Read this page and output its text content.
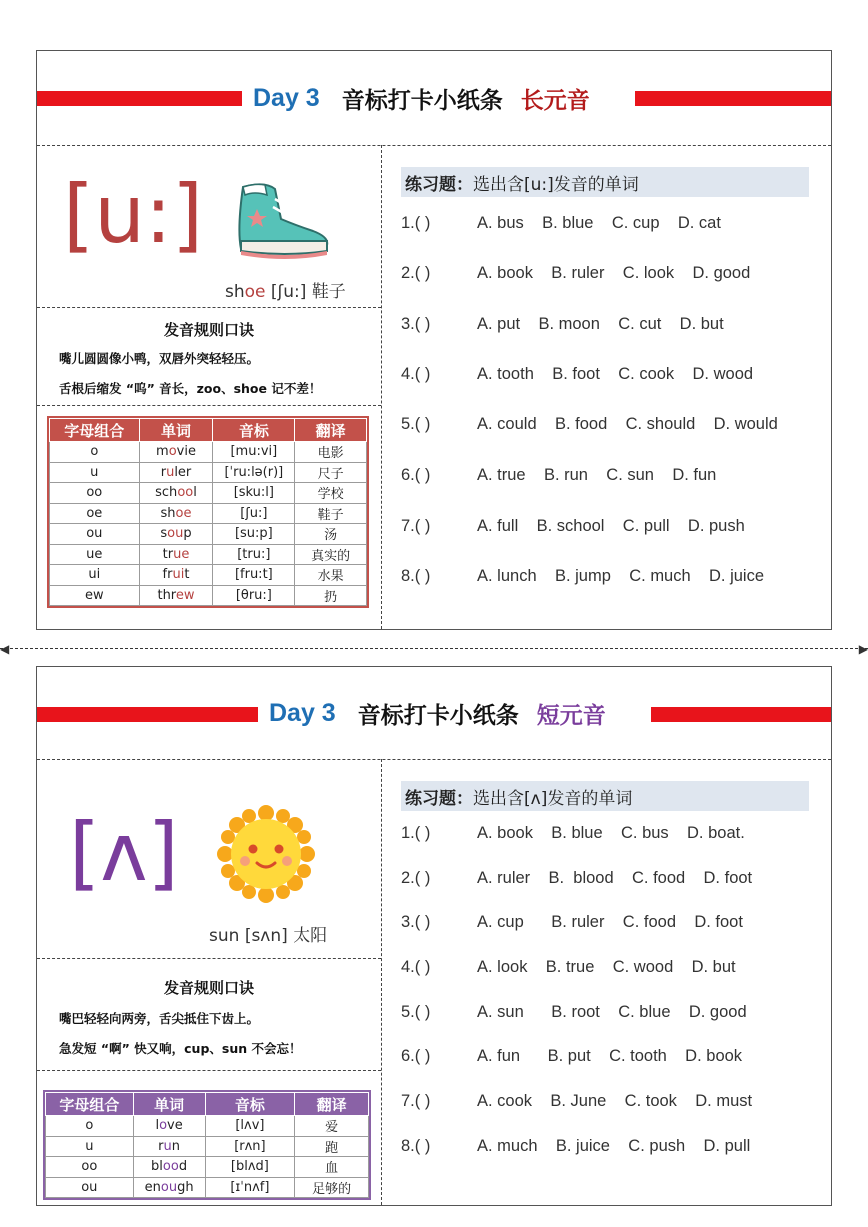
Day 3 音标打卡小纸条 长元音
[u:]
shoe [ʃu:] 鞋子
发音规则口诀
嘴儿圆圆像小鸭，双唇外突轻轻压。
舌根后缩发 “呜” 音长，zoo、shoe 记不差！
字母组合	单词	音标	翻译
o	movie	[mu:vi]	电影
u	ruler	[ˈru:lə(r)]	尺子
oo	school	[sku:l]	学校
oe	shoe	[ʃu:]	鞋子
ou	soup	[su:p]	汤
ue	true	[tru:]	真实的
ui	fruit	[fru:t]	水果
ew	threw	[θru:]	扔
练习题： 选出含[u:]发音的单词
1.( )	A. bus    B. blue    C. cup    D. cat
2.( )	A. book    B. ruler    C. look    D. good
3.( )	A. put    B. moon    C. cut    D. but
4.( )	A. tooth    B. foot    C. cook    D. wood
5.( )	A. could    B. food    C. should    D. would
6.( )	A. true    B. run    C. sun    D. fun
7.( )	A. full    B. school    C. pull    D. push
8.( )	A. lunch    B. jump    C. much    D. juice
◀	▶
Day 3 音标打卡小纸条 短元音
[ʌ]
sun [sʌn] 太阳
发音规则口诀
嘴巴轻轻向两旁，舌尖抵住下齿上。
急发短 “啊” 快又响，cup、sun 不会忘！
字母组合	单词	音标	翻译
o	love	[lʌv]	爱
u	run	[rʌn]	跑
oo	blood	[blʌd]	血
ou	enough	[ɪˈnʌf]	足够的
练习题： 选出含[ʌ]发音的单词
1.( )	A. book    B. blue    C. bus    D. boat.
2.( )	A. ruler    B.  blood    C. food    D. foot
3.( )	A. cup      B. ruler    C. food    D. foot
4.( )	A. look    B. true    C. wood    D. but
5.( )	A. sun      B. root    C. blue    D. good
6.( )	A. fun      B. put    C. tooth    D. book
7.( )	A. cook    B. June    C. took    D. must
8.( )	A. much    B. juice    C. push    D. pull
